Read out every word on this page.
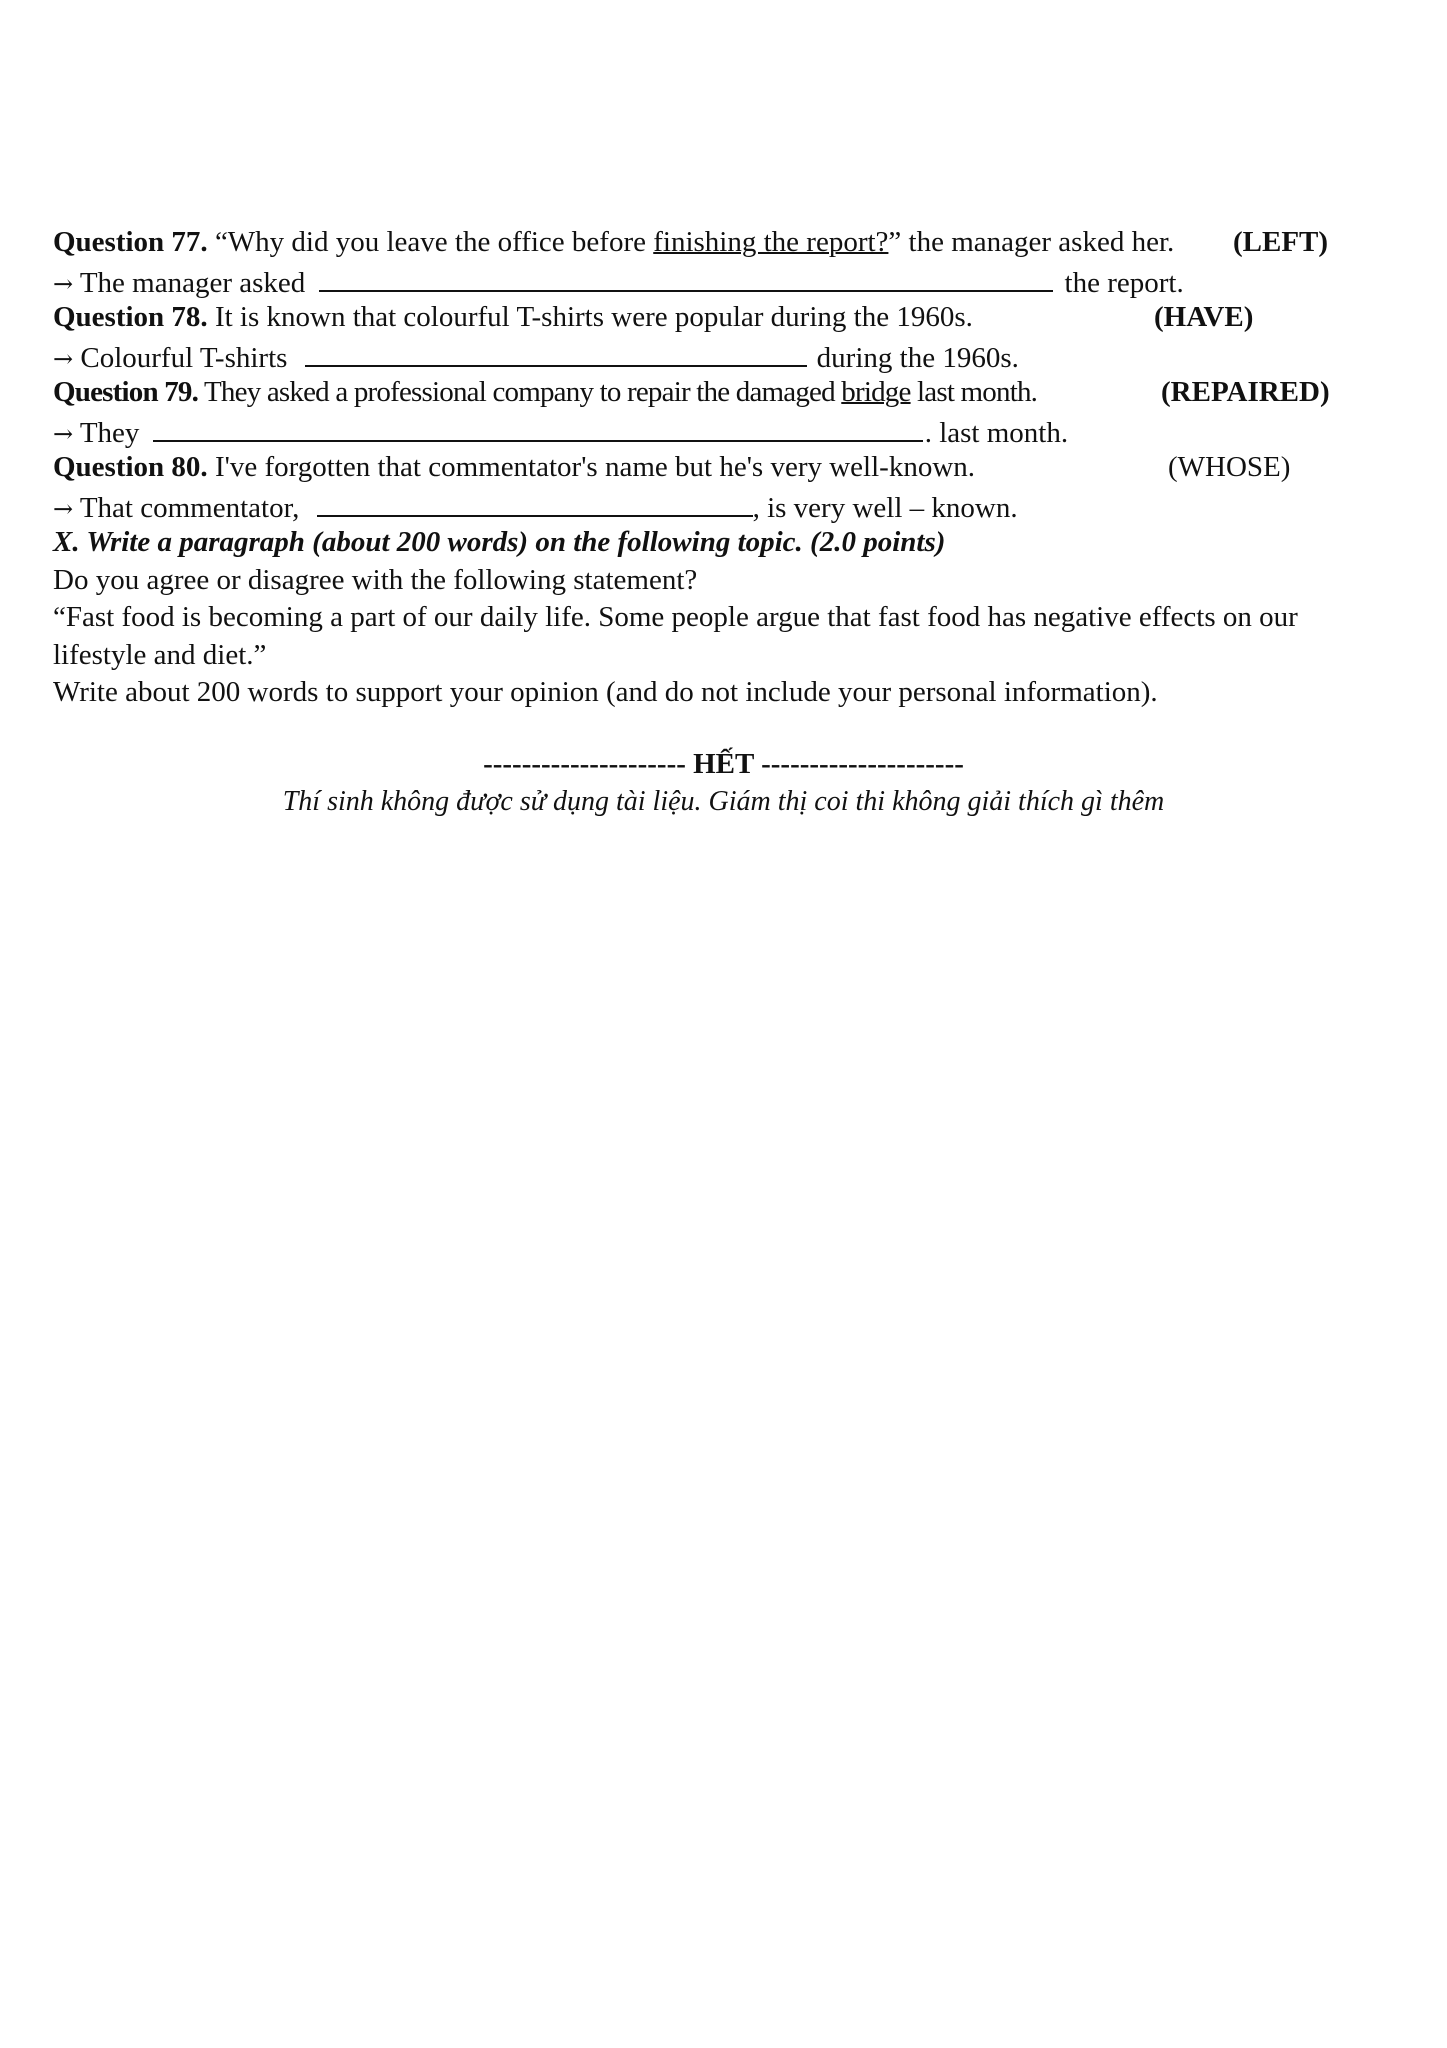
Question 77. “Why did you leave the office before finishing the report?” the manager asked her. (LEFT)
→ The manager asked	the report.
Question 78. It is known that colourful T-shirts were popular during the 1960s.	(HAVE)
→ Colourful T-shirts	during the 1960s.
Question 79. They asked a professional company to repair the damaged bridge last month.	(REPAIRED)
→ They	. last month.
Question 80. I've forgotten that commentator's name but he's very well-known.	(WHOSE)
→ That commentator,	, is very well – known.
X. Write a paragraph (about 200 words) on the following topic. (2.0 points)
Do you agree or disagree with the following statement?
“Fast food is becoming a part of our daily life. Some people argue that fast food has negative effects on our lifestyle and diet.”
Write about 200 words to support your opinion (and do not include your personal information).
--------------------- HẾT ---------------------
Thí sinh không được sử dụng tài liệu. Giám thị coi thi không giải thích gì thêm
